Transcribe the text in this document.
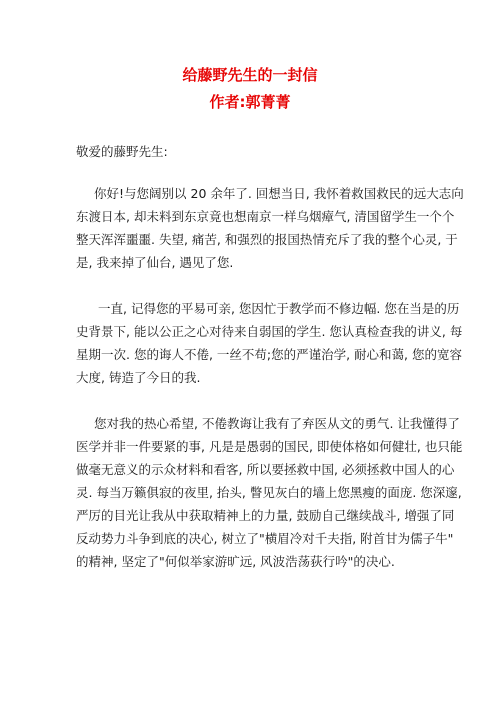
给藤野先生的一封信
作者:郭菁菁
敬爱的藤野先生:
你好!与您阔别以 20 余年了. 回想当日, 我怀着救国救民的远大志向
东渡日本, 却未料到东京竟也想南京一样乌烟瘴气, 清国留学生一个个
整天浑浑噩噩. 失望, 痛苦, 和强烈的报国热情充斥了我的整个心灵, 于
是, 我来掉了仙台, 遇见了您.
一直, 记得您的平易可亲, 您因忙于教学而不修边幅. 您在当是的历
史背景下, 能以公正之心对待来自弱国的学生. 您认真检查我的讲义, 每
星期一次. 您的诲人不倦, 一丝不苟;您的严谨治学, 耐心和蔼, 您的宽容
大度, 铸造了今日的我.
您对我的热心希望, 不倦教诲让我有了弃医从文的勇气. 让我懂得了
医学并非一件要紧的事, 凡是是愚弱的国民, 即使体格如何健壮, 也只能
做毫无意义的示众材料和看客, 所以要拯救中国, 必须拯救中国人的心
灵. 每当万籁俱寂的夜里, 抬头, 瞥见灰白的墙上您黑瘦的面庞. 您深邃,
严厉的目光让我从中获取精神上的力量, 鼓励自己继续战斗, 增强了同
反动势力斗争到底的决心, 树立了"横眉冷对千夫指, 附首甘为儒子牛"
的精神, 坚定了"何似举家游旷远, 风波浩荡荻行吟"的决心.
